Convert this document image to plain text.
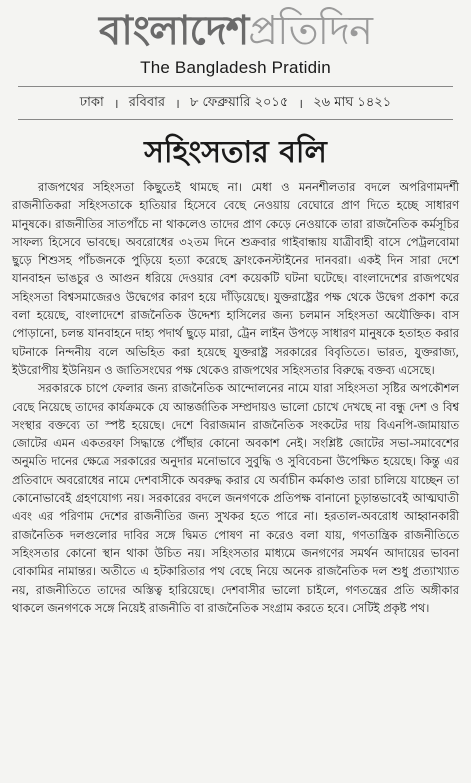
বাংলাদেশ প্রতিদিন
The Bangladesh Pratidin
ঢাকা । রবিবার । ৮ ফেব্রুয়ারি ২০১৫ । ২৬ মাঘ ১৪২১
সহিংসতার বলি

রাজপথের সহিংসতা কিছুতেই থামছে না। মেধা ও মননশীলতার বদলে অপরিণামদর্শী রাজনীতিকরা সহিংসতাকে হাতিয়ার হিসেবে বেছে নেওয়ায় বেঘোরে প্রাণ দিতে হচ্ছে সাধারণ মানুষকে। রাজনীতির সাতপাঁচে না থাকলেও তাদের প্রাণ কেড়ে নেওয়াকে তারা রাজনৈতিক কর্মসূচির সাফল্য হিসেবে ভাবছে। অবরোধের ৩২তম দিনে শুক্রবার গাইবান্ধায় যাত্রীবাহী বাসে পেট্রলবোমা ছুড়ে শিশুসহ পাঁচজনকে পুড়িয়ে হত্যা করেছে ফ্রাংকেনস্টাইনের দানবরা। একই দিন সারা দেশে যানবাহন ভাঙচুর ও আগুন ধরিয়ে দেওয়ার বেশ কয়েকটি ঘটনা ঘটেছে। বাংলাদেশের রাজপথের সহিংসতা বিশ্বসমাজেরও উদ্বেগের কারণ হয়ে দাঁড়িয়েছে। যুক্তরাষ্ট্রের পক্ষ থেকে উদ্বেগ প্রকাশ করে বলা হয়েছে, বাংলাদেশে রাজনৈতিক উদ্দেশ্য হাসিলের জন্য চলমান সহিংসতা অযৌক্তিক। বাস পোড়ানো, চলন্ত যানবাহনে দাহ্য পদার্থ ছুড়ে মারা, ট্রেন লাইন উপড়ে সাধারণ মানুষকে হতাহত করার ঘটনাকে নিন্দনীয় বলে অভিহিত করা হয়েছে যুক্তরাষ্ট্র সরকারের বিবৃতিতে। ভারত, যুক্তরাজ্য, ইউরোপীয় ইউনিয়ন ও জাতিসংঘের পক্ষ থেকেও রাজপথের সহিংসতার বিরুদ্ধে বক্তব্য এসেছে।

সরকারকে চাপে ফেলার জন্য রাজনৈতিক আন্দোলনের নামে যারা সহিংসতা সৃষ্টির অপকৌশল বেছে নিয়েছে তাদের কার্যক্রমকে যে আন্তর্জাতিক সম্প্রদায়ও ভালো চোখে দেখছে না বন্ধু দেশ ও বিশ্ব সংস্থার বক্তব্যে তা স্পষ্ট হয়েছে। দেশে বিরাজমান রাজনৈতিক সংকটের দায় বিএনপি-জামায়াত জোটের এমন একতরফা সিদ্ধান্তে পৌঁছার কোনো অবকাশ নেই। সংশ্লিষ্ট জোটের সভা-সমাবেশের অনুমতি দানের ক্ষেত্রে সরকারের অনুদার মনোভাবে সুবুদ্ধি ও সুবিবেচনা উপেক্ষিত হয়েছে। কিন্তু এর প্রতিবাদে অবরোধের নামে দেশবাসীকে অবরুদ্ধ করার যে অর্বাচীন কর্মকাণ্ড তারা চালিয়ে যাচ্ছেন তা কোনোভাবেই গ্রহণযোগ্য নয়। সরকারের বদলে জনগণকে প্রতিপক্ষ বানানো চূড়ান্তভাবেই আত্মঘাতী এবং এর পরিণাম দেশের রাজনীতির জন্য সুখকর হতে পারে না। হরতাল-অবরোধ আহ্বানকারী রাজনৈতিক দলগুলোর দাবির সঙ্গে দ্বিমত পোষণ না করেও বলা যায়, গণতান্ত্রিক রাজনীতিতে সহিংসতার কোনো স্থান থাকা উচিত নয়। সহিংসতার মাধ্যমে জনগণের সমর্থন আদায়ের ভাবনা বোকামির নামান্তর। অতীতে এ হটকারিতার পথ বেছে নিয়ে অনেক রাজনৈতিক দল শুধু প্রত্যাখ্যাত নয়, রাজনীতিতে তাদের অস্তিত্ব হারিয়েছে। দেশবাসীর ভালো চাইলে, গণতন্ত্রের প্রতি অঙ্গীকার থাকলে জনগণকে সঙ্গে নিয়েই রাজনীতি বা রাজনৈতিক সংগ্রাম করতে হবে। সেটিই প্রকৃষ্ট পথ।
